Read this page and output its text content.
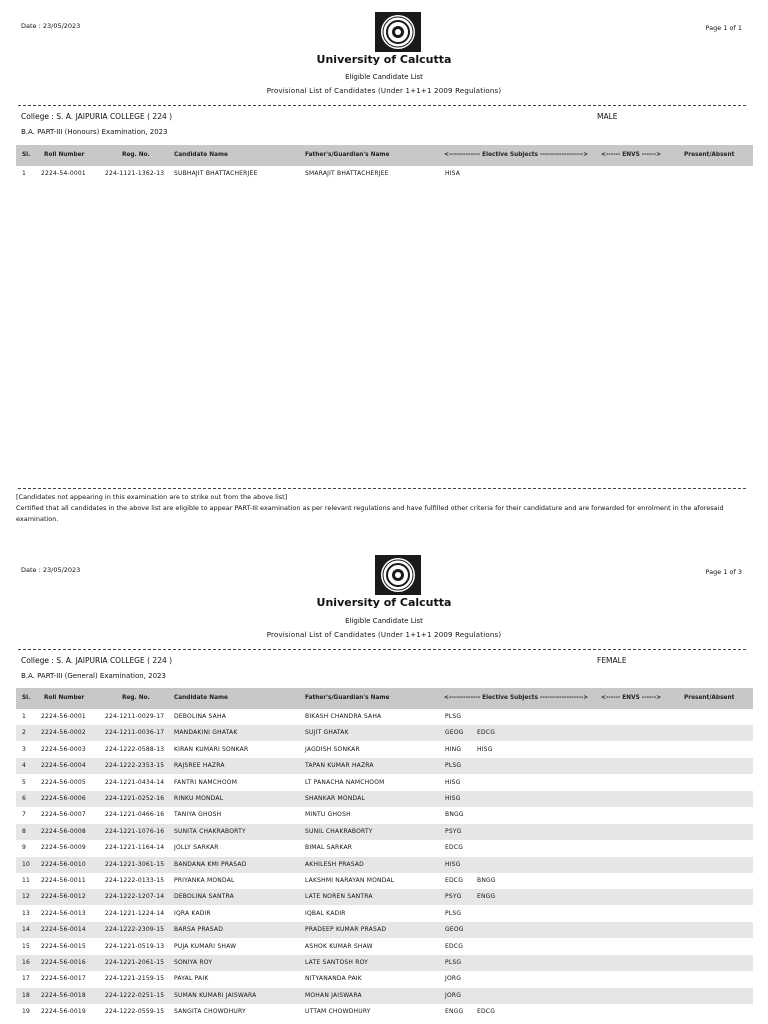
Date : 23/05/2023	Page 1 of 1
University of Calcutta
Eligible Candidate List
Provisional List of Candidates (Under 1+1+1 2009 Regulations)
College : S. A. JAIPURIA COLLEGE ( 224 )	MALE
B.A. PART-III (Honours) Examination, 2023
Sl. Roll Number	Reg. No.	Candidate Name	Father's/Guardian's Name	<------------- Elective Subjects ------------------> <------ ENVS ------>	Present/Absent
1 2224-54-0001	224-1121-1362-13 SUBHAJIT BHATTACHERJEE	SMARAJIT BHATTACHERJEE	HISA
[Candidates not appearing in this examination are to strike out from the above list]
Certified that all candidates in the above list are eligible to appear PART-III examination as per relevant regulations and have fulfilled other criteria for their candidature and are forwarded for enrolment in the aforesaid examination.
Date : 23/05/2023	Page 1 of 3
University of Calcutta
Eligible Candidate List
Provisional List of Candidates (Under 1+1+1 2009 Regulations)
College : S. A. JAIPURIA COLLEGE ( 224 )	FEMALE
B.A. PART-III (General) Examination, 2023
Sl. Roll Number	Reg. No.	Candidate Name	Father's/Guardian's Name	<------------- Elective Subjects ------------------> <------ ENVS ------>	Present/Absent
1 2224-56-0001	224-1211-0029-17 DEBOLINA SAHA	BIKASH CHANDRA SAHA	PLSG
2 2224-56-0002	224-1211-0036-17 MANDAKINI GHATAK	SUJIT GHATAK	GEOG EDCG
3 2224-56-0003	224-1222-0588-13 KIRAN KUMARI SONKAR	JAGDISH SONKAR	HING	HISG
4 2224-56-0004	224-1222-2353-15 RAJSREE HAZRA	TAPAN KUMAR HAZRA	PLSG
5 2224-56-0005	224-1221-0434-14 FANTRI NAMCHOOM	LT PANACHA NAMCHOOM	HISG
6 2224-56-0006	224-1221-0252-16 RINKU MONDAL	SHANKAR MONDAL	HISG
7 2224-56-0007	224-1221-0466-16 TANIYA GHOSH	MINTU GHOSH	BNGG
8 2224-56-0008	224-1221-1076-16 SUNITA CHAKRABORTY	SUNIL CHAKRABORTY	PSYG
9 2224-56-0009	224-1221-1164-14 JOLLY SARKAR	BIMAL SARKAR	EDCG
10 2224-56-0010	224-1221-3061-15 BANDANA KMI PRASAD	AKHILESH PRASAD	HISG
11 2224-56-0011	224-1222-0133-15 PRIYANKA MONDAL	LAKSHMI NARAYAN MONDAL	EDCG BNGG
12 2224-56-0012	224-1222-1207-14 DEBOLINA SANTRA	LATE NOREN SANTRA	PSYG	ENGG
13 2224-56-0013	224-1221-1224-14 IQRA KADIR	IQBAL KADIR	PLSG
14 2224-56-0014	224-1222-2309-15 BARSA PRASAD	PRADEEP KUMAR PRASAD	GEOG
15 2224-56-0015	224-1221-0519-13 PUJA KUMARI SHAW	ASHOK KUMAR SHAW	EDCG
16 2224-56-0016	224-1221-2061-15 SONIYA ROY	LATE SANTOSH ROY	PLSG
17 2224-56-0017	224-1221-2159-15 PAYAL PAIK	NITYANANDA PAIK	JORG
18 2224-56-0018	224-1222-0251-15 SUMAN KUMARI JAISWARA	MOHAN JAISWARA	JORG
19 2224-56-0019	224-1222-0559-15 SANGITA CHOWDHURY	UTTAM CHOWDHURY	ENGG EDCG
